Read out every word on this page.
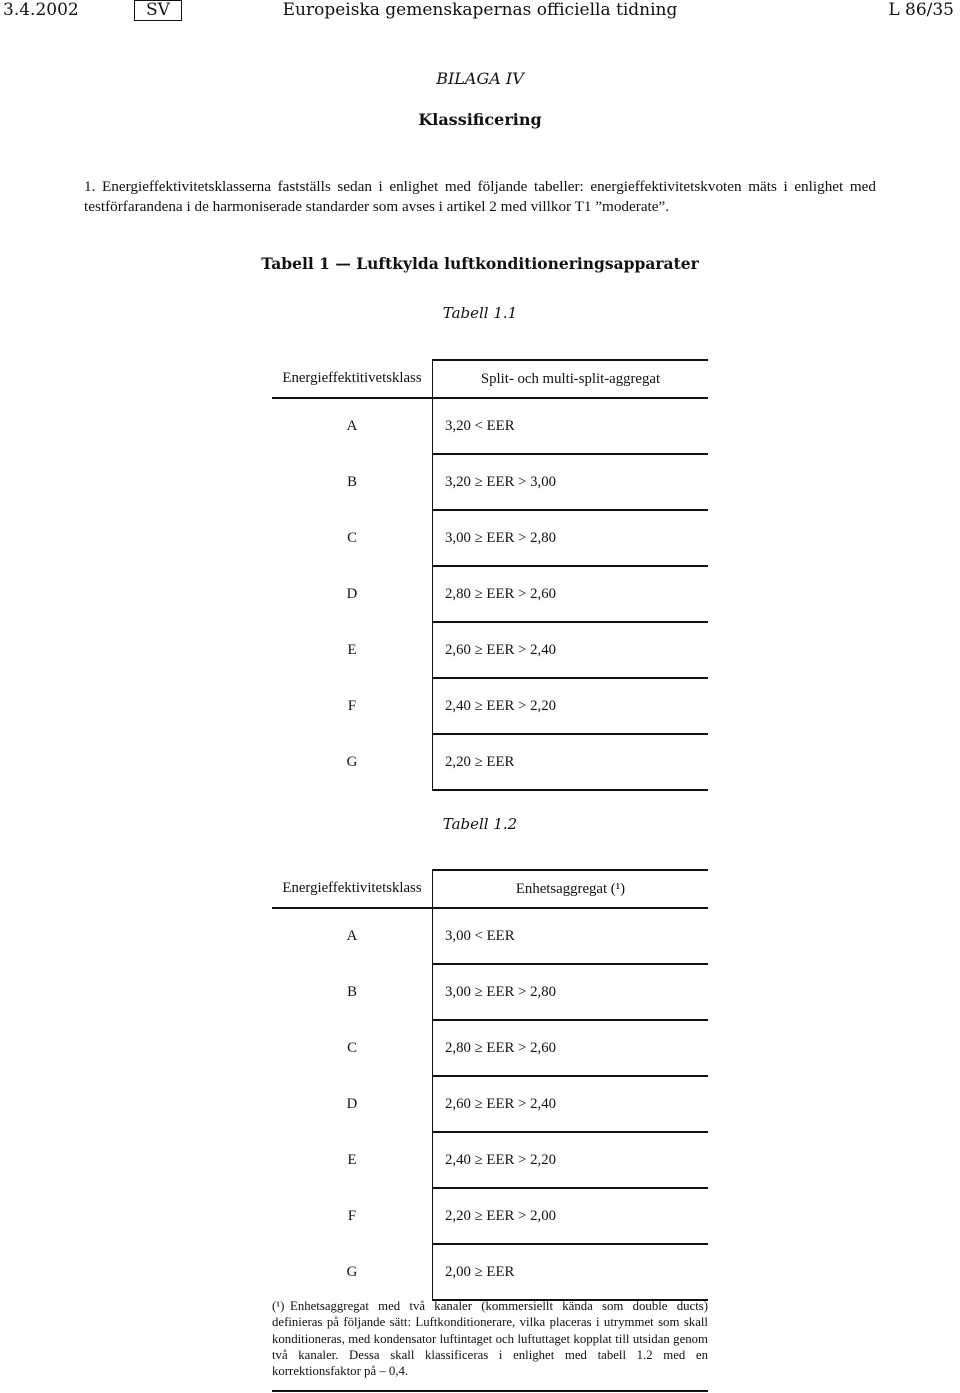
Europeiska gemenskapernas officiella tidning
3.4.2002	SV	L 86/35
BILAGA IV
Klassificering
1. Energieffektivitetsklasserna fastställs sedan i enlighet med följande tabeller: energieffektivitetskvoten mäts i enlighet med testförfarandena i de harmoniserade standarder som avses i artikel 2 med villkor T1 ”moderate”.
Tabell 1 — Luftkylda luftkonditioneringsapparater
Tabell 1.1
Energieffektitivetsklass	Split- och multi-split-aggregat
A	3,20 < EER
B	3,20 ≥ EER > 3,00
C	3,00 ≥ EER > 2,80
D	2,80 ≥ EER > 2,60
E	2,60 ≥ EER > 2,40
F	2,40 ≥ EER > 2,20
G	2,20 ≥ EER
Tabell 1.2
Energieffektivitetsklass	Enhetsaggregat (¹)
A	3,00 < EER
B	3,00 ≥ EER > 2,80
C	2,80 ≥ EER > 2,60
D	2,60 ≥ EER > 2,40
E	2,40 ≥ EER > 2,20
F	2,20 ≥ EER > 2,00
G	2,00 ≥ EER
(¹) Enhetsaggregat med två kanaler (kommersiellt kända som double ducts) definieras på följande sätt: Luftkonditionerare, vilka placeras i utrymmet som skall konditioneras, med kondensator luftintaget och luftuttaget kopplat till utsidan genom två kanaler. Dessa skall klassificeras i enlighet med tabell 1.2 med en korrektionsfaktor på – 0,4.
